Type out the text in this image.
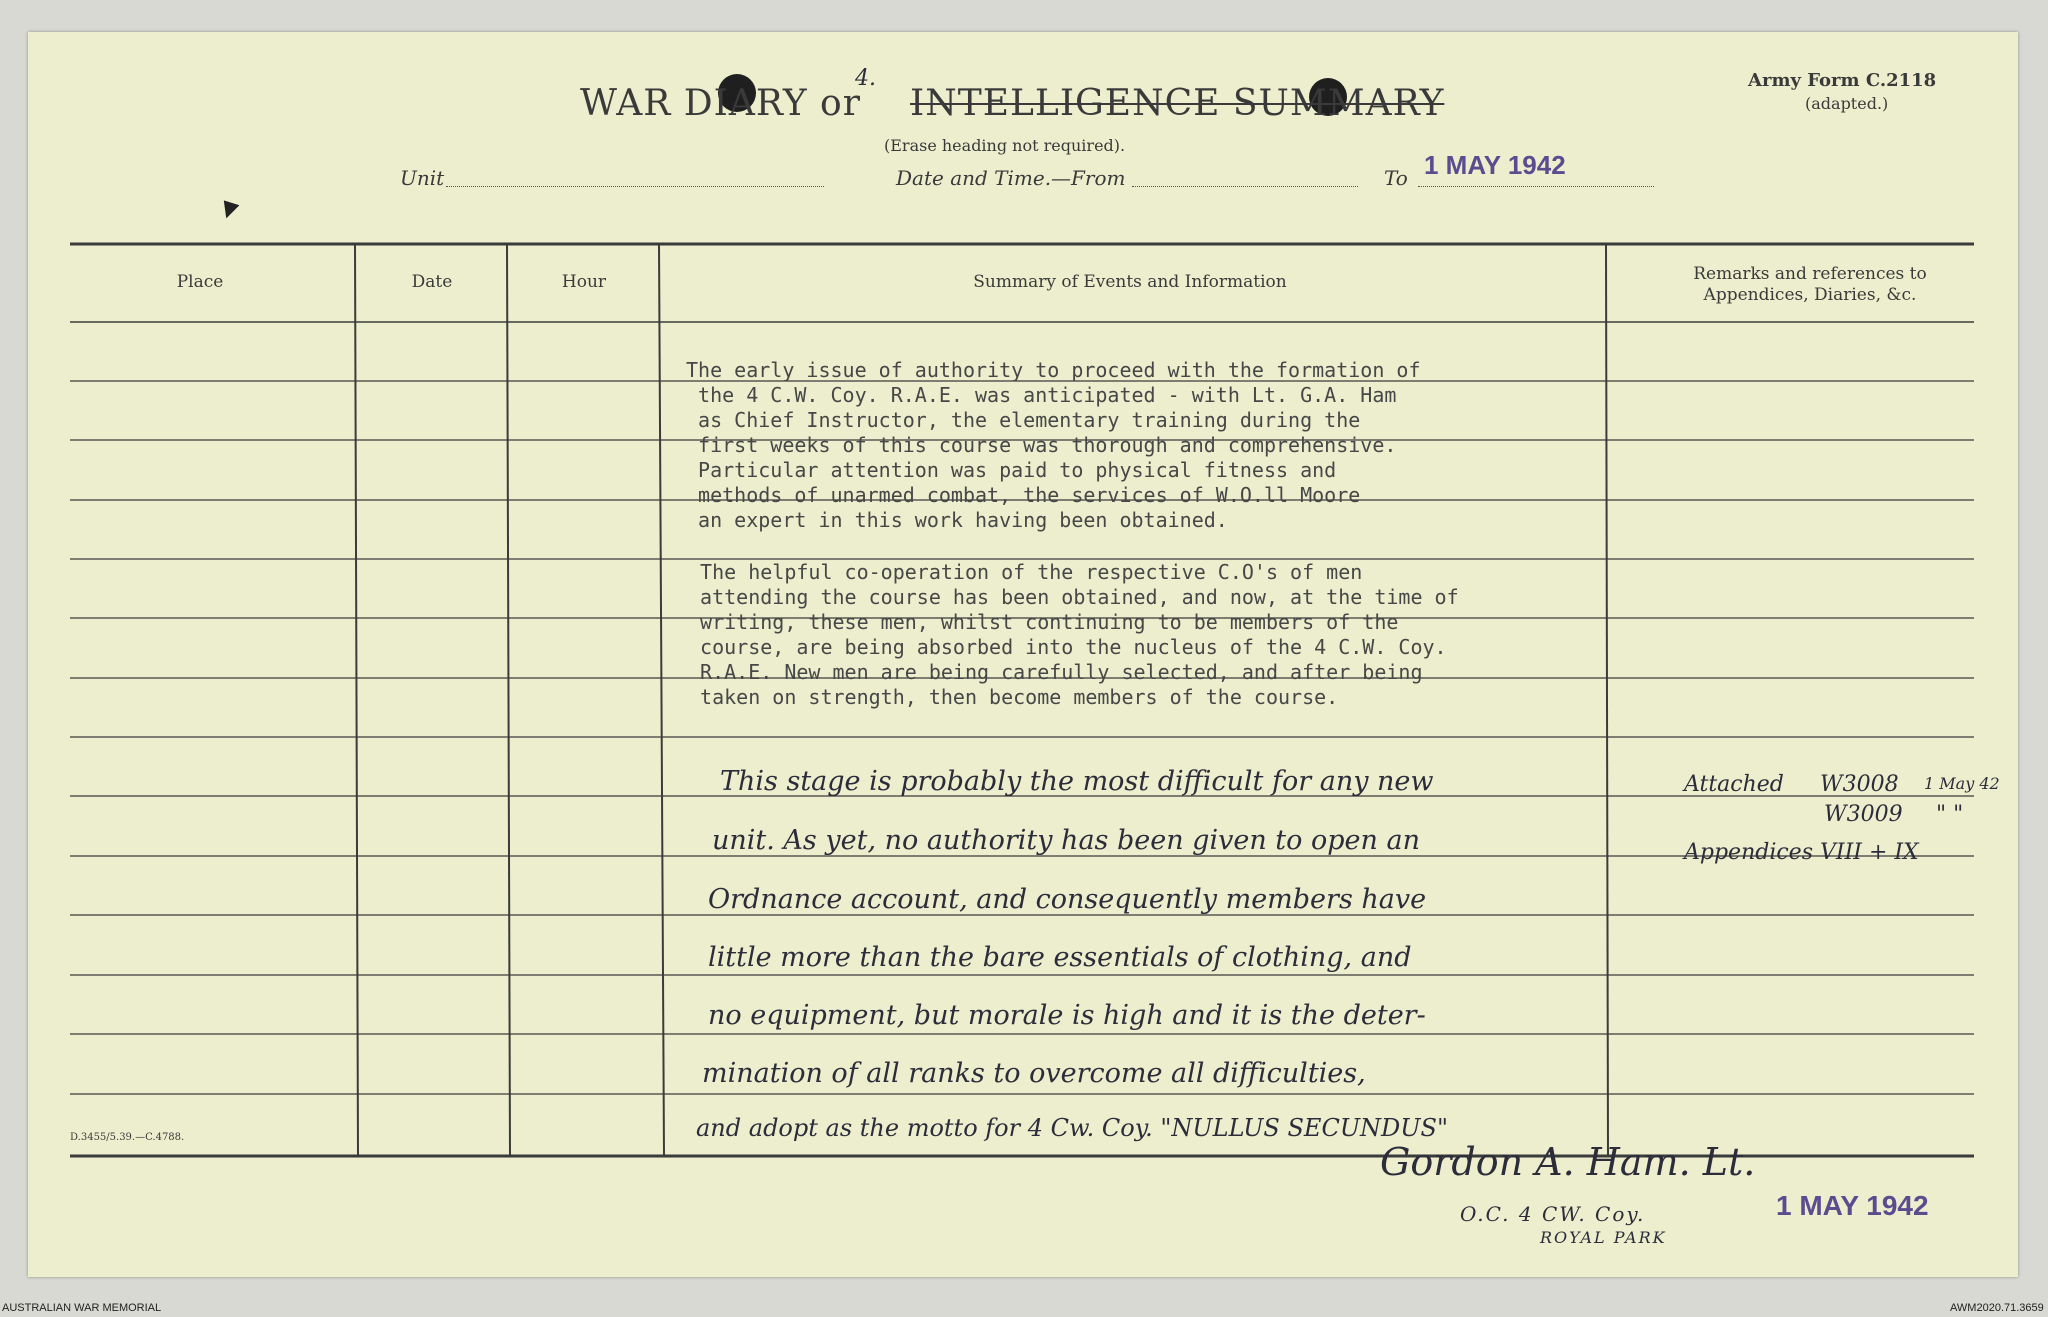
4.
WAR DIARY or INTELLIGENCE SUMMARY
(Erase heading not required).
Army Form C.2118
(adapted.)
Unit	Date and Time.—From	To 1 MAY 1942
Place	Date	Hour	Summary of Events and Information	Remarks and references to
Appendices, Diaries, &c.
The early issue of authority to proceed with the formation of
the 4 C.W. Coy. R.A.E. was anticipated - with Lt. G.A. Ham
as Chief Instructor, the elementary training during the
first weeks of this course was thorough and comprehensive.
Particular attention was paid to physical fitness and
methods of unarmed combat, the services of W.O.ll Moore
an expert in this work having been obtained.
The helpful co-operation of the respective C.O's of men
attending the course has been obtained, and now, at the time of
writing, these men, whilst continuing to be members of the
course, are being absorbed into the nucleus of the 4 C.W. Coy.
R.A.E. New men are being carefully selected, and after being
taken on strength, then become members of the course.
This stage is probably the most difficult for any new
unit. As yet, no authority has been given to open an
Ordnance account, and consequently members have
little more than the bare essentials of clothing, and
no equipment, but morale is high and it is the deter-
mination of all ranks to overcome all difficulties,
and adopt as the motto for 4 Cw. Coy. "NULLUS SECUNDUS"
Attached W3008 1 May 42
W3009 " "
Appendices VIII + IX
D.3455/5.39.—C.4788.
Gordon A. Ham. Lt.
O.C. 4 CW. Coy.
ROYAL PARK
1 MAY 1942
AUSTRALIAN WAR MEMORIAL	AWM2020.71.3659
